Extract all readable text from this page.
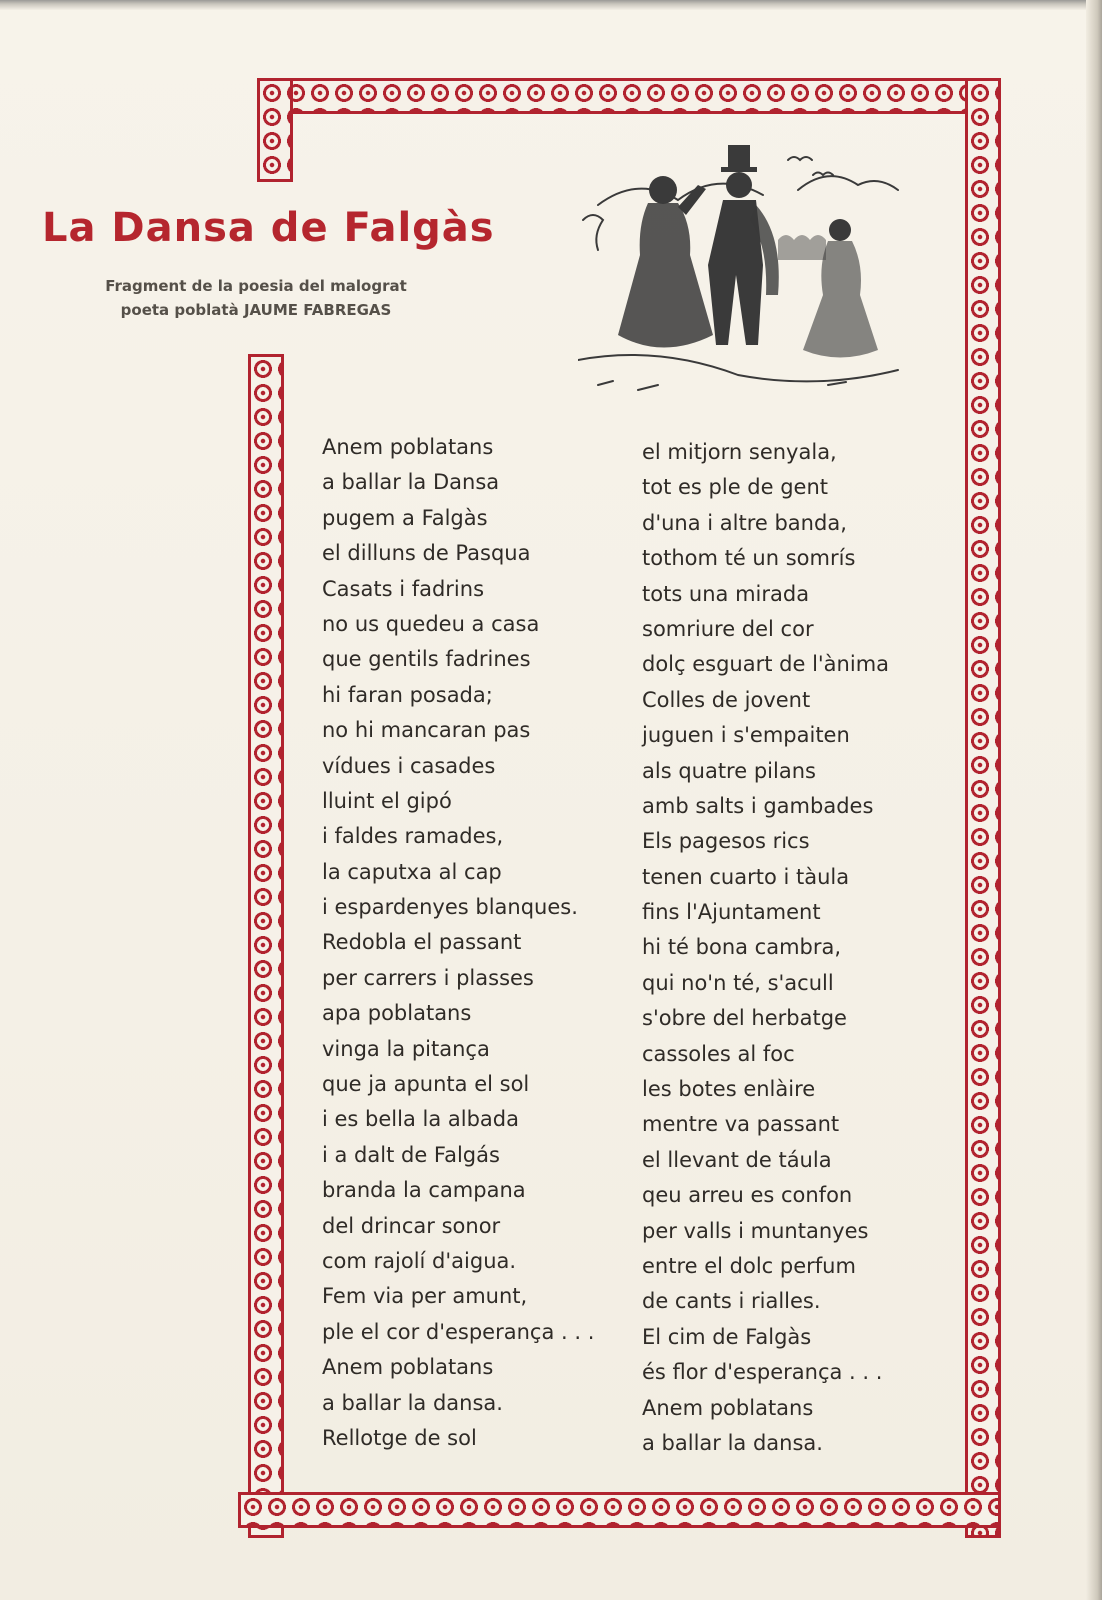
La Dansa de Falgàs
Fragment de la poesia del malograt
poeta poblatà JAUME FABREGAS
Anem poblatans
a ballar la Dansa
pugem a Falgàs
el dilluns de Pasqua
Casats i fadrins
no us quedeu a casa
que gentils fadrines
hi faran posada;
no hi mancaran pas
vídues i casades
lluint el gipó
i faldes ramades,
la caputxa al cap
i espardenyes blanques.
Redobla el passant
per carrers i plasses
apa poblatans
vinga la pitança
que ja apunta el sol
i es bella la albada
i a dalt de Falgás
branda la campana
del drincar sonor
com rajolí d'aigua.
Fem via per amunt,
ple el cor d'esperança . . .
Anem poblatans
a ballar la dansa.
Rellotge de sol
el mitjorn senyala,
tot es ple de gent
d'una i altre banda,
tothom té un somrís
tots una mirada
somriure del cor
dolç esguart de l'ànima
Colles de jovent
juguen i s'empaiten
als quatre pilans
amb salts i gambades
Els pagesos rics
tenen cuarto i tàula
fins l'Ajuntament
hi té bona cambra,
qui no'n té, s'acull
s'obre del herbatge
cassoles al foc
les botes enlàire
mentre va passant
el llevant de táula
qeu arreu es confon
per valls i muntanyes
entre el dolc perfum
de cants i rialles.
El cim de Falgàs
és flor d'esperança . . .
Anem poblatans
a ballar la dansa.
